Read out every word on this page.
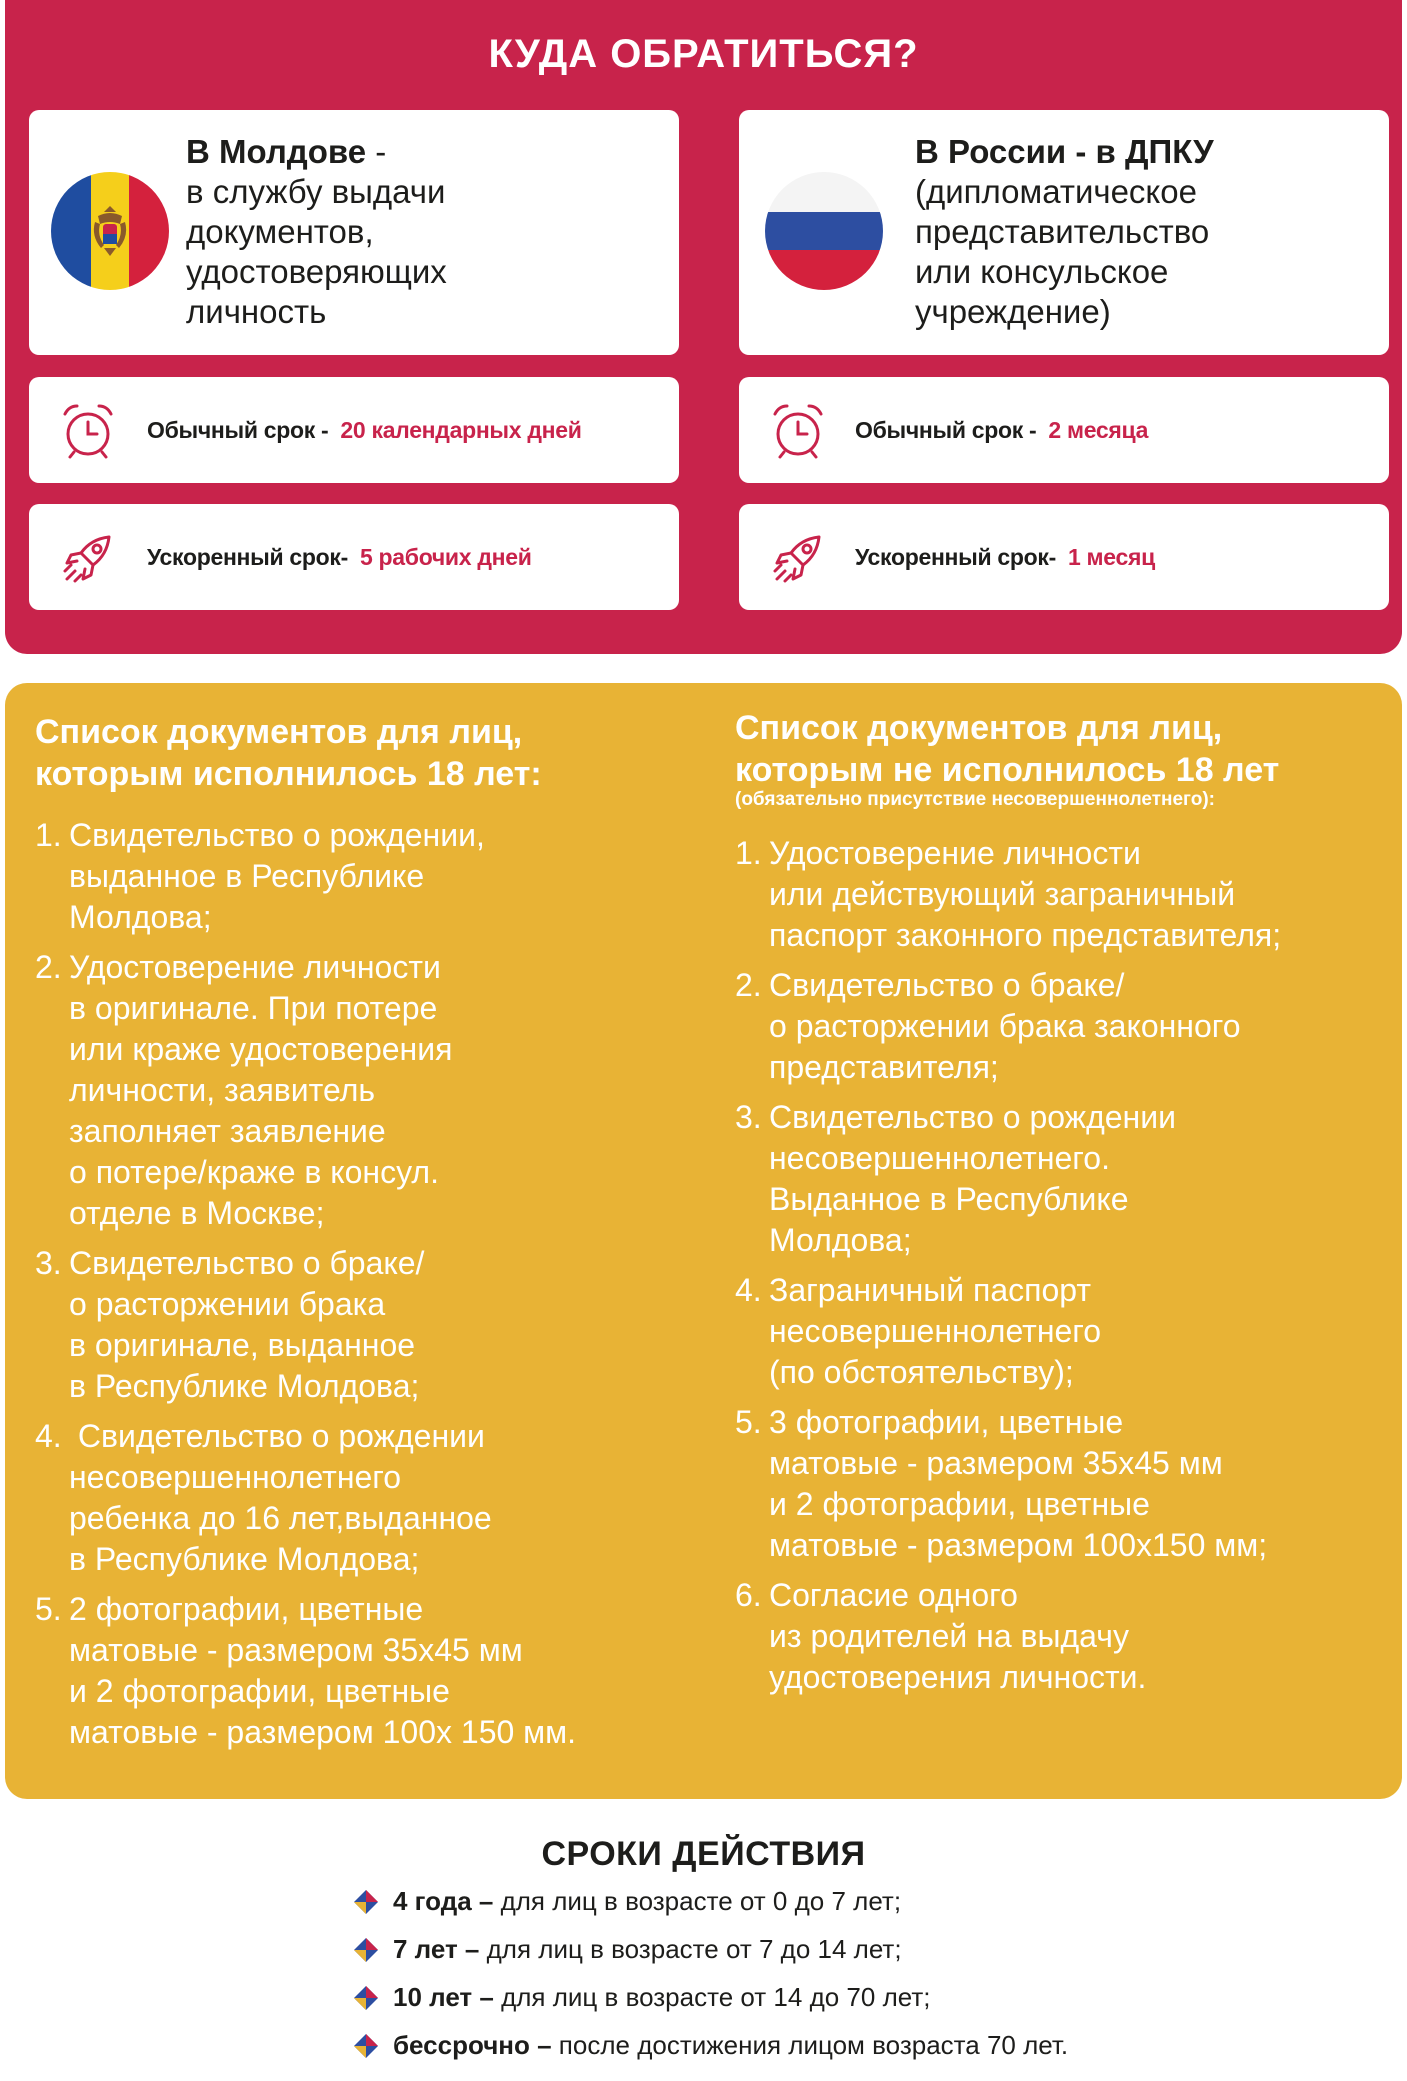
КУДА ОБРАТИТЬСЯ?
В Молдове -
в службу выдачи
документов,
удостоверяющих
личность
В России - в ДПКУ
(дипломатическое
представительство
или консульское
учреждение)
Обычный срок - 20 календарных дней	Обычный срок - 2 месяца
Ускоренный срок- 5 рабочих дней	Ускоренный срок- 1 месяц
Список документов для лиц,
которым исполнилось 18 лет:
1. Свидетельство о рождении,
выданное в Республике
Молдова;
2. Удостоверение личности
в оригинале. При потере
или краже удостоверения
личности, заявитель
заполняет заявление
о потере/краже в консул.
отделе в Москве;
3. Свидетельство о браке/
о расторжении брака
в оригинале, выданное
в Республике Молдова;
4. Свидетельство о рождении
несовершеннолетнего
ребенка до 16 лет,выданное
в Республике Молдова;
5. 2 фотографии, цветные
матовые - размером 35х45 мм
и 2 фотографии, цветные
матовые - размером 100х 150 мм.
Список документов для лиц,
которым не исполнилось 18 лет
(обязательно присутствие несовершеннолетнего):
1. Удостоверение личности
или действующий заграничный
паспорт законного представителя;
2. Свидетельство о браке/
о расторжении брака законного
представителя;
3. Свидетельство о рождении
несовершеннолетнего.
Выданное в Республике
Молдова;
4. Заграничный паспорт
несовершеннолетнего
(по обстоятельству);
5. 3 фотографии, цветные
матовые - размером 35х45 мм
и 2 фотографии, цветные
матовые - размером 100х150 мм;
6. Согласие одного
из родителей на выдачу
удостоверения личности.
СРОКИ ДЕЙСТВИЯ
4 года – для лиц в возрасте от 0 до 7 лет;
7 лет – для лиц в возрасте от 7 до 14 лет;
10 лет – для лиц в возрасте от 14 до 70 лет;
бессрочно – после достижения лицом возраста 70 лет.
